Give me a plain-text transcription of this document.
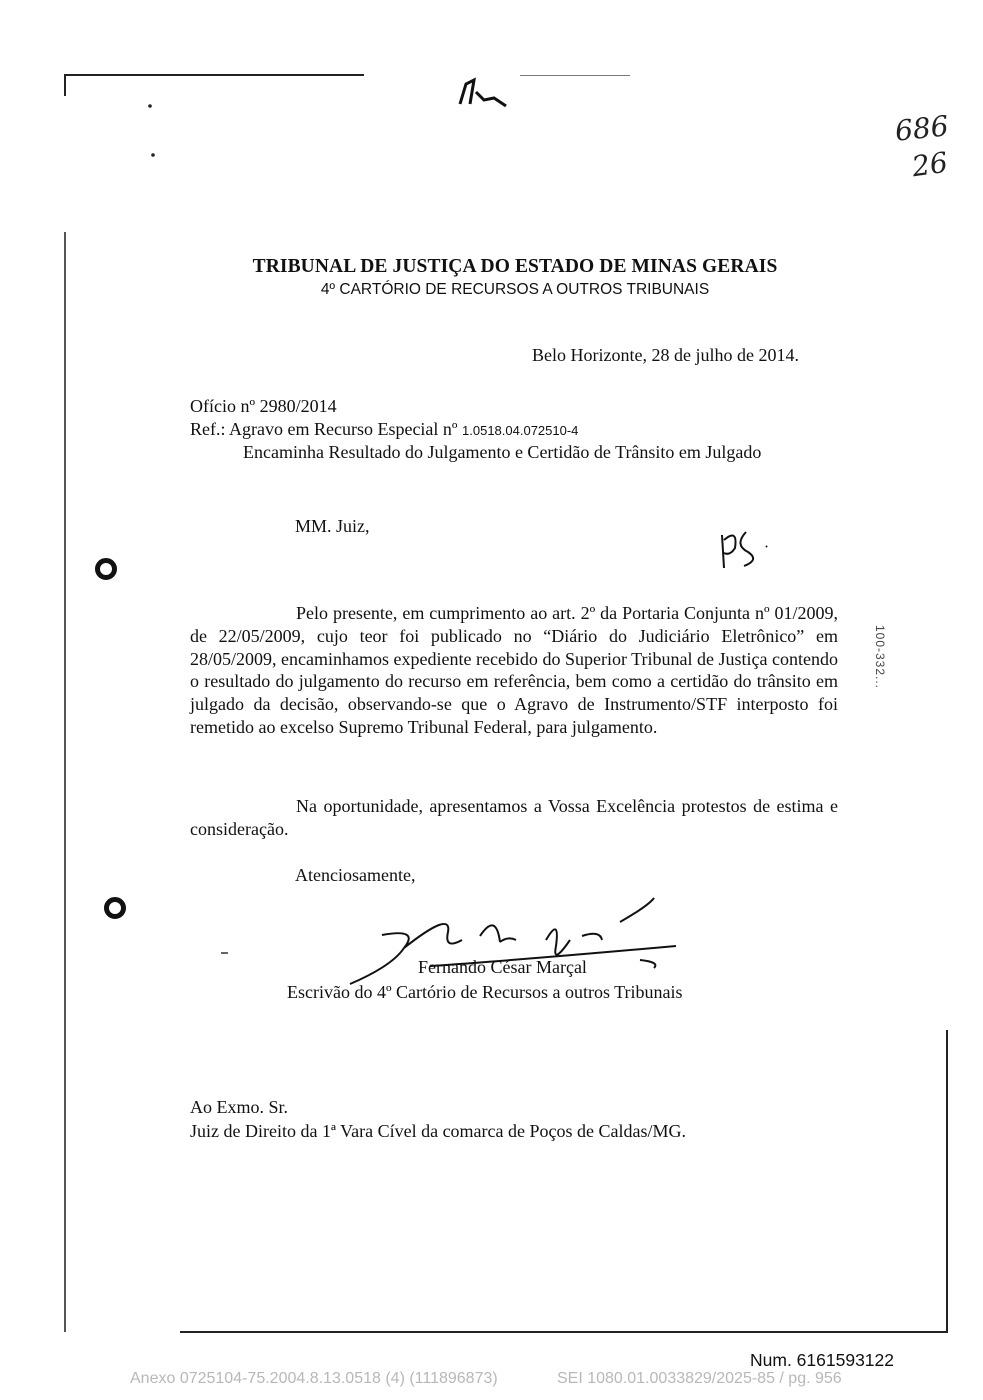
686
26
TRIBUNAL DE JUSTIÇA DO ESTADO DE MINAS GERAIS
4º CARTÓRIO DE RECURSOS A OUTROS TRIBUNAIS
Belo Horizonte, 28 de julho de 2014.
Ofício nº 2980/2014
Ref.: Agravo em Recurso Especial nº 1.0518.04.072510-4
Encaminha Resultado do Julgamento e Certidão de Trânsito em Julgado
MM. Juiz,

Pelo presente, em cumprimento ao art. 2º da Portaria Conjunta nº 01/2009, de 22/05/2009, cujo teor foi publicado no “Diário do Judiciário Eletrônico” em 28/05/2009, encaminhamos expediente recebido do Superior Tribunal de Justiça contendo o resultado do julgamento do recurso em referência, bem como a certidão do trânsito em julgado da decisão, observando-se que o Agravo de Instrumento/STF interposto foi remetido ao excelso Supremo Tribunal Federal, para julgamento.

Na oportunidade, apresentamos a Vossa Excelência protestos de estima e consideração.

Atenciosamente,
Fernando César Marçal
Escrivão do 4º Cartório de Recursos a outros Tribunais
Ao Exmo. Sr.
Juiz de Direito da 1ª Vara Cível da comarca de Poços de Caldas/MG.
100-332...
Num. 6161593122
Anexo 0725104-75.2004.8.13.0518 (4) (111896873)	SEI 1080.01.0033829/2025-85 / pg. 956
